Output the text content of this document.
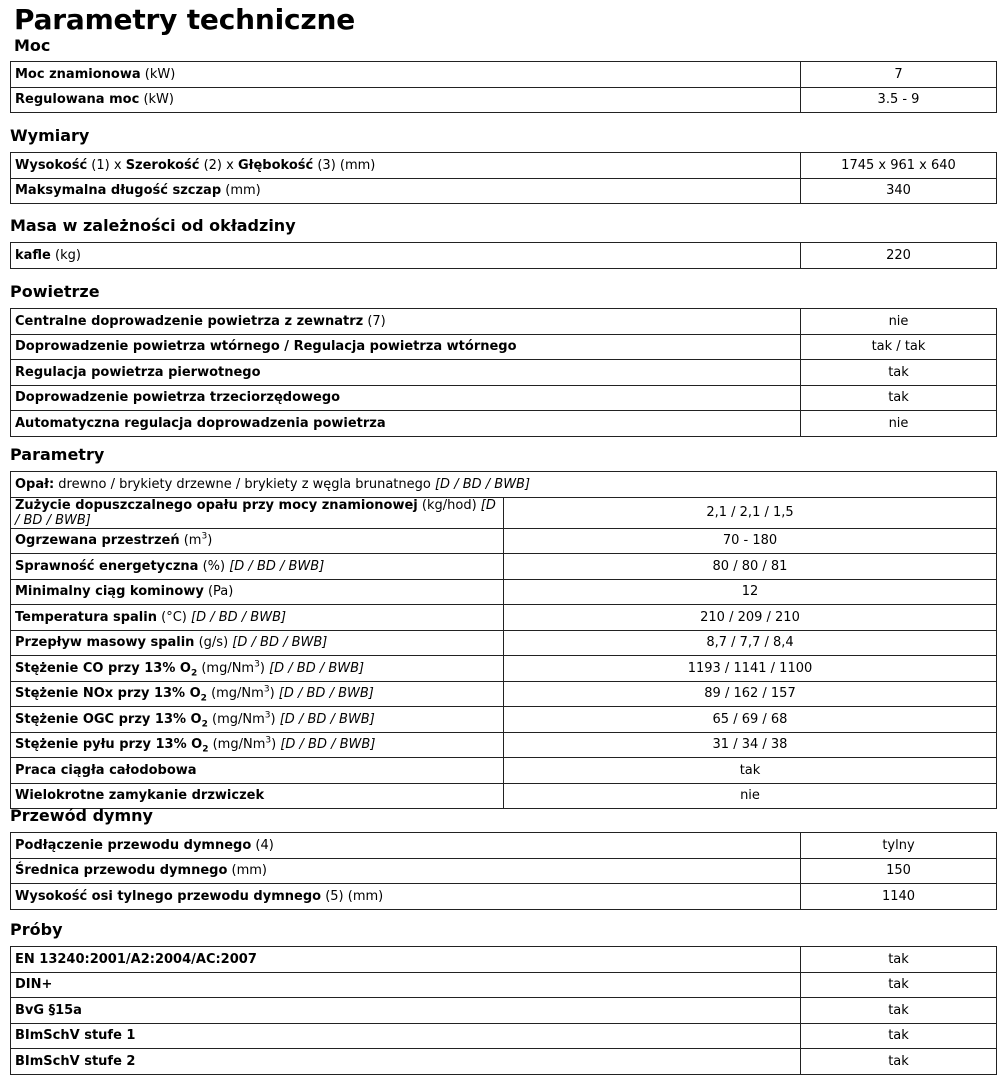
Parametry techniczne
Moc
Moc znamionowa (kW)	7
Regulowana moc (kW)	3.5 - 9
Wymiary
Wysokość (1) x Szerokość (2) x Głębokość (3) (mm)	1745 x 961 x 640
Maksymalna długość szczap (mm)	340
Masa w zależności od okładziny
kafle (kg)	220
Powietrze
Centralne doprowadzenie powietrza z zewnatrz (7)	nie
Doprowadzenie powietrza wtórnego / Regulacja powietrza wtórnego	tak / tak
Regulacja powietrza pierwotnego	tak
Doprowadzenie powietrza trzeciorzędowego	tak
Automatyczna regulacja doprowadzenia powietrza	nie
Parametry
Opał: drewno / brykiety drzewne / brykiety z węgla brunatnego [D / BD / BWB]	
Zużycie dopuszczalnego opału przy mocy znamionowej (kg/hod) [D / BD / BWB]	2,1 / 2,1 / 1,5
Ogrzewana przestrzeń $(m^3)$	70 - 180
Sprawność energetyczna (%) [D / BD / BWB]	80 / 80 / 81
Minimalny ciąg kominowy (Pa)	12
Temperatura spalin (°C) [D / BD / BWB]	210 / 209 / 210
Przepływ masowy spalin (g/s) [D / BD / BWB]	8,7 / 7,7 / 8,4
Stężenie CO przy 13% $O_2$ (mg/Nm$^3$) [D / BD / BWB]	1193 / 1141 / 1100
Stężenie NOx przy 13% $O_2$ (mg/Nm$^3$) [D / BD / BWB]	89 / 162 / 157
Stężenie OGC przy 13% $O_2$ (mg/Nm$^3$) [D / BD / BWB]	65 / 69 / 68
Stężenie pyłu przy 13% $O_2$ (mg/Nm$^3$) [D / BD / BWB]	31 / 34 / 38
Praca ciągła całodobowa	tak
Wielokrotne zamykanie drzwiczek	nie
Przewód dymny
Podłączenie przewodu dymnego (4)	tylny
Średnica przewodu dymnego (mm)	150
Wysokość osi tylnego przewodu dymnego (5) (mm)	1140
Próby
EN 13240:2001/A2:2004/AC:2007	tak
DIN+	tak
BvG §15a	tak
BImSchV stufe 1	tak
BImSchV stufe 2	tak
